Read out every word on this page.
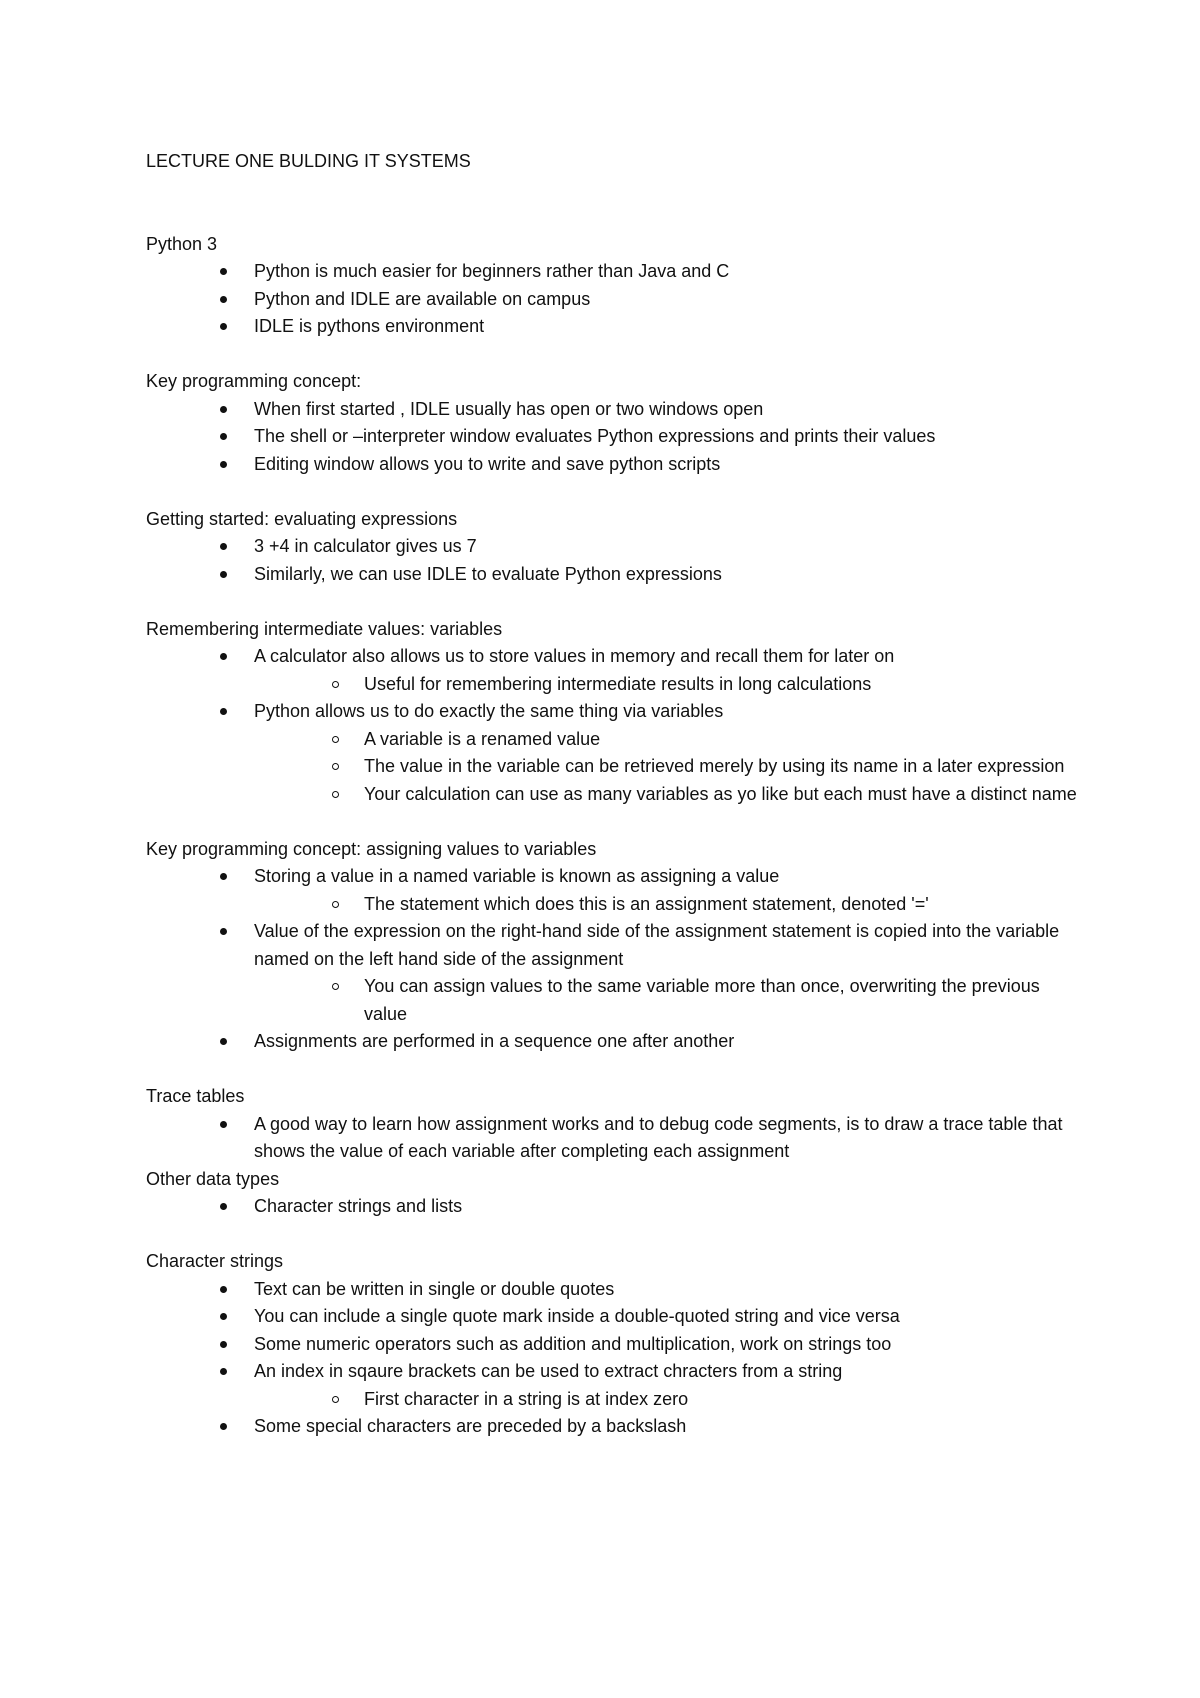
LECTURE ONE BULDING IT SYSTEMS
Python 3
Python is much easier for beginners rather than Java and C
Python and IDLE are available on campus
IDLE is pythons environment
Key programming concept:
When first started , IDLE usually has open or two windows open
The shell or –interpreter window evaluates Python expressions and prints their values
Editing window allows you to write and save python scripts
Getting started: evaluating expressions
3 +4 in calculator gives us 7
Similarly, we can use IDLE to evaluate Python expressions
Remembering intermediate values: variables
A calculator also allows us to store values in memory and recall them for later on
Useful for remembering intermediate results in long calculations
Python allows us to do exactly the same thing via variables
A variable is a renamed value
The value in the variable can be retrieved merely by using its name in a later expression
Your calculation can use as many variables as yo like but each must have a distinct name
Key programming concept: assigning values to variables
Storing a value in a named variable is known as assigning a value
The statement which does this is an assignment statement, denoted '='
Value of the expression on the right-hand side of the assignment statement is copied into the variable named on the left hand side of the assignment
You can assign values to the same variable more than once, overwriting the previous value
Assignments are performed in a sequence one after another
Trace tables
A good way to learn how assignment works and to debug code segments, is to draw a trace table that shows the value of each variable after completing each assignment
Other data types
Character strings and lists
Character strings
Text can be written in single or double quotes
You can include a single quote mark inside a double-quoted string and vice versa
Some numeric operators such as addition and multiplication, work on strings too
An index in sqaure brackets can be used to extract chracters from a string
First character in a string is at index zero
Some special characters are preceded by a backslash
